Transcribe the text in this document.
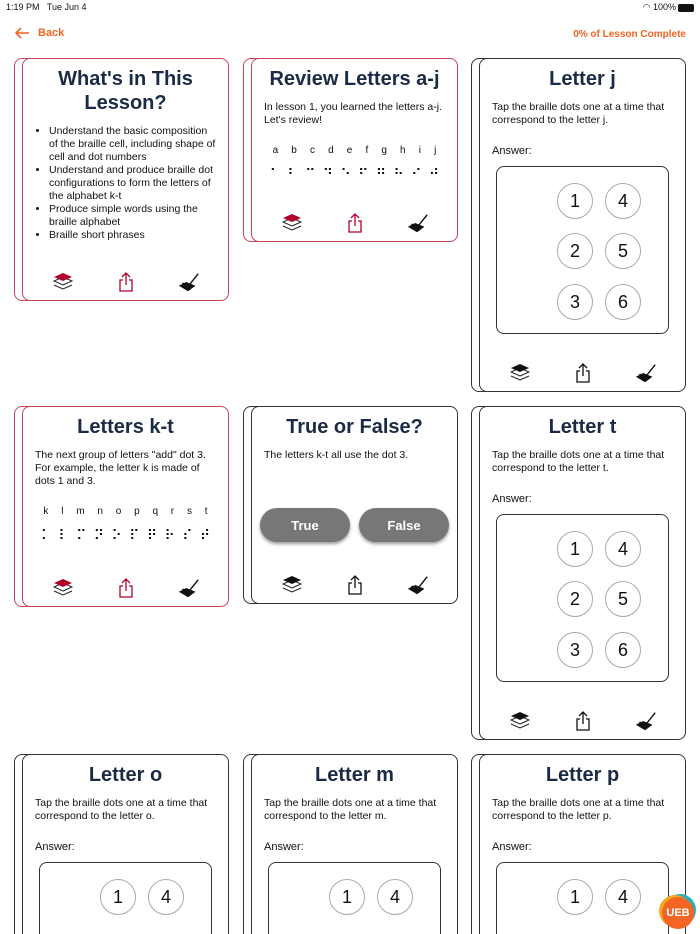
1:19 PM Tue Jun 4	◠ 100%
Back	0% of Lesson Complete
What's in This Lesson?
• Understand the basic composition of the braille cell, including shape of cell and dot numbers
• Understand and produce braille dot configurations to form the letters of the alphabet k-t
• Produce simple words using the braille alphabet
• Braille short phrases
Review Letters a-j
In lesson 1, you learned the letters a-j. Let's review!
a b c d e f g h i j
⠁ ⠃ ⠉ ⠙ ⠑ ⠋ ⠛ ⠓ ⠊ ⠚
Letter j
Tap the braille dots one at a time that correspond to the letter j.
Answer:
1	4
2	5
3	6
Letters k-t
The next group of letters "add" dot 3. For example, the letter k is made of dots 1 and 3.
k l m n o p q r s t
⠅ ⠇ ⠍ ⠝ ⠕ ⠏ ⠟ ⠗ ⠎ ⠞
True or False?
The letters k-t all use the dot 3.
True	False
Letter t
Tap the braille dots one at a time that correspond to the letter t.
Answer:
1	4
2	5
3	6
Letter o
Tap the braille dots one at a time that correspond to the letter o.
Answer:
1	4
Letter m
Tap the braille dots one at a time that correspond to the letter m.
Answer:
1	4
Letter p
Tap the braille dots one at a time that correspond to the letter p.
Answer:
1	4
UEB
